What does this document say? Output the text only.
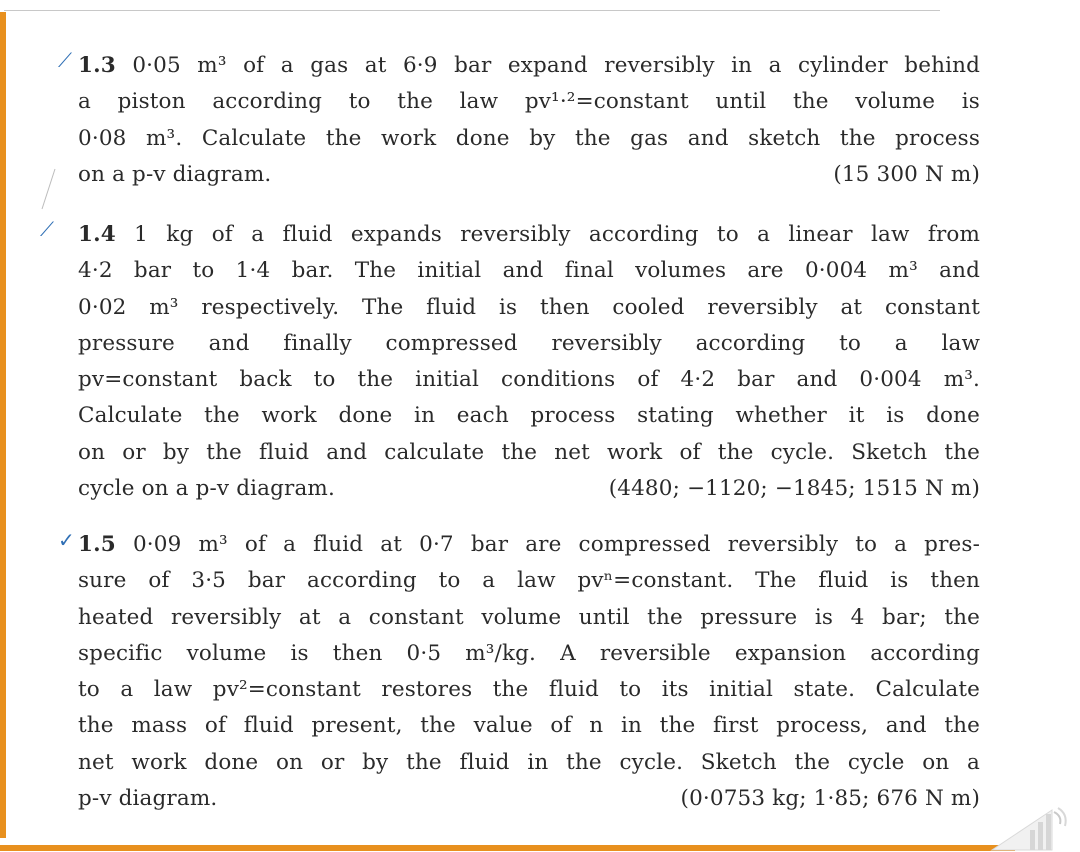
⟋ 1.3 0·05 m³ of a gas at 6·9 bar expand reversibly in a cylinder behind
a piston according to the law pv¹·²=constant until the volume is
0·08 m³. Calculate the work done by the gas and sketch the process
on a p-v diagram.	(15 300 N m)
⟋ 1.4 1 kg of a fluid expands reversibly according to a linear law from
4·2 bar to 1·4 bar. The initial and final volumes are 0·004 m³ and
0·02 m³ respectively. The fluid is then cooled reversibly at constant
pressure and finally compressed reversibly according to a law
pv=constant back to the initial conditions of 4·2 bar and 0·004 m³.
Calculate the work done in each process stating whether it is done
on or by the fluid and calculate the net work of the cycle. Sketch the
cycle on a p-v diagram.	(4480; −1120; −1845; 1515 N m)
✓ 1.5 0·09 m³ of a fluid at 0·7 bar are compressed reversibly to a pres-
sure of 3·5 bar according to a law pvⁿ=constant. The fluid is then
heated reversibly at a constant volume until the pressure is 4 bar; the
specific volume is then 0·5 m³/kg. A reversible expansion according
to a law pv²=constant restores the fluid to its initial state. Calculate
the mass of fluid present, the value of n in the first process, and the
net work done on or by the fluid in the cycle. Sketch the cycle on a
p-v diagram.	(0·0753 kg; 1·85; 676 N m)
